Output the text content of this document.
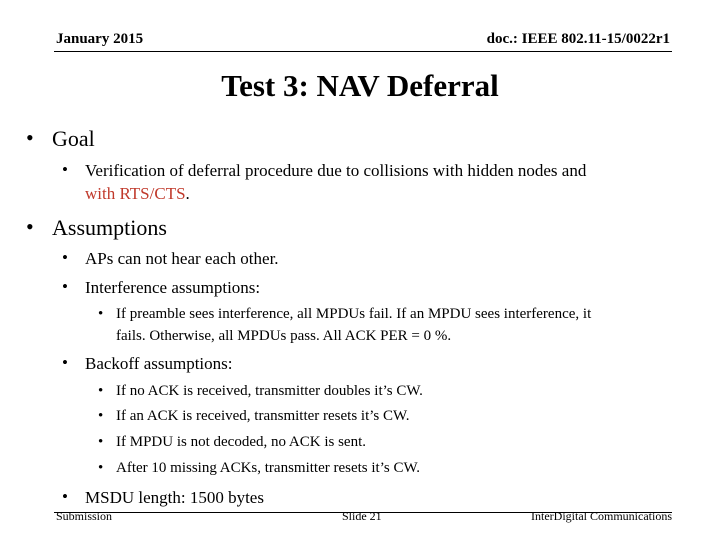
January 2015	doc.: IEEE 802.11-15/0022r1
Test 3: NAV Deferral
• Goal
• Verification of deferral procedure due to collisions with hidden nodes and
with RTS/CTS.
• Assumptions
• APs can not hear each other.
• Interference assumptions:
• If preamble sees interference, all MPDUs fail. If an MPDU sees interference, it
fails. Otherwise, all MPDUs pass. All ACK PER = 0 %.
• Backoff assumptions:
• If no ACK is received, transmitter doubles it’s CW.
• If an ACK is received, transmitter resets it’s CW.
• If MPDU is not decoded, no ACK is sent.
• After 10 missing ACKs, transmitter resets it’s CW.
• MSDU length: 1500 bytes
Submission	Slide 21	InterDigital Communications
